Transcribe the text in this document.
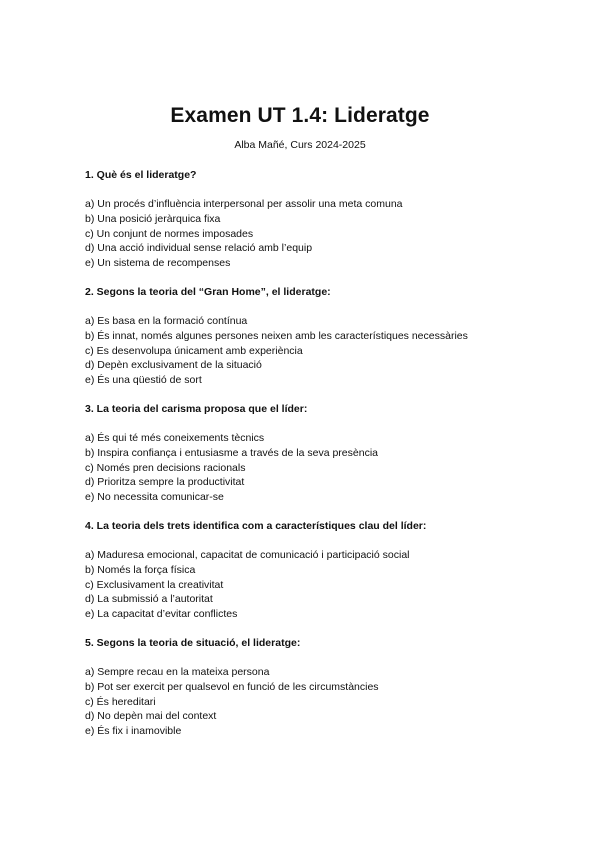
Examen UT 1.4: Lideratge

Alba Mañé, Curs 2024-2025

1. Què és el lideratge?

a) Un procés d’influència interpersonal per assolir una meta comuna
b) Una posició jeràrquica fixa
c) Un conjunt de normes imposades
d) Una acció individual sense relació amb l’equip
e) Un sistema de recompenses

2. Segons la teoria del “Gran Home”, el lideratge:

a) Es basa en la formació contínua
b) És innat, només algunes persones neixen amb les característiques necessàries
c) Es desenvolupa únicament amb experiència
d) Depèn exclusivament de la situació
e) És una qüestió de sort

3. La teoria del carisma proposa que el líder:

a) És qui té més coneixements tècnics
b) Inspira confiança i entusiasme a través de la seva presència
c) Només pren decisions racionals
d) Prioritza sempre la productivitat
e) No necessita comunicar-se

4. La teoria dels trets identifica com a característiques clau del líder:

a) Maduresa emocional, capacitat de comunicació i participació social
b) Només la força física
c) Exclusivament la creativitat
d) La submissió a l’autoritat
e) La capacitat d’evitar conflictes

5. Segons la teoria de situació, el lideratge:

a) Sempre recau en la mateixa persona
b) Pot ser exercit per qualsevol en funció de les circumstàncies
c) És hereditari
d) No depèn mai del context
e) És fix i inamovible
